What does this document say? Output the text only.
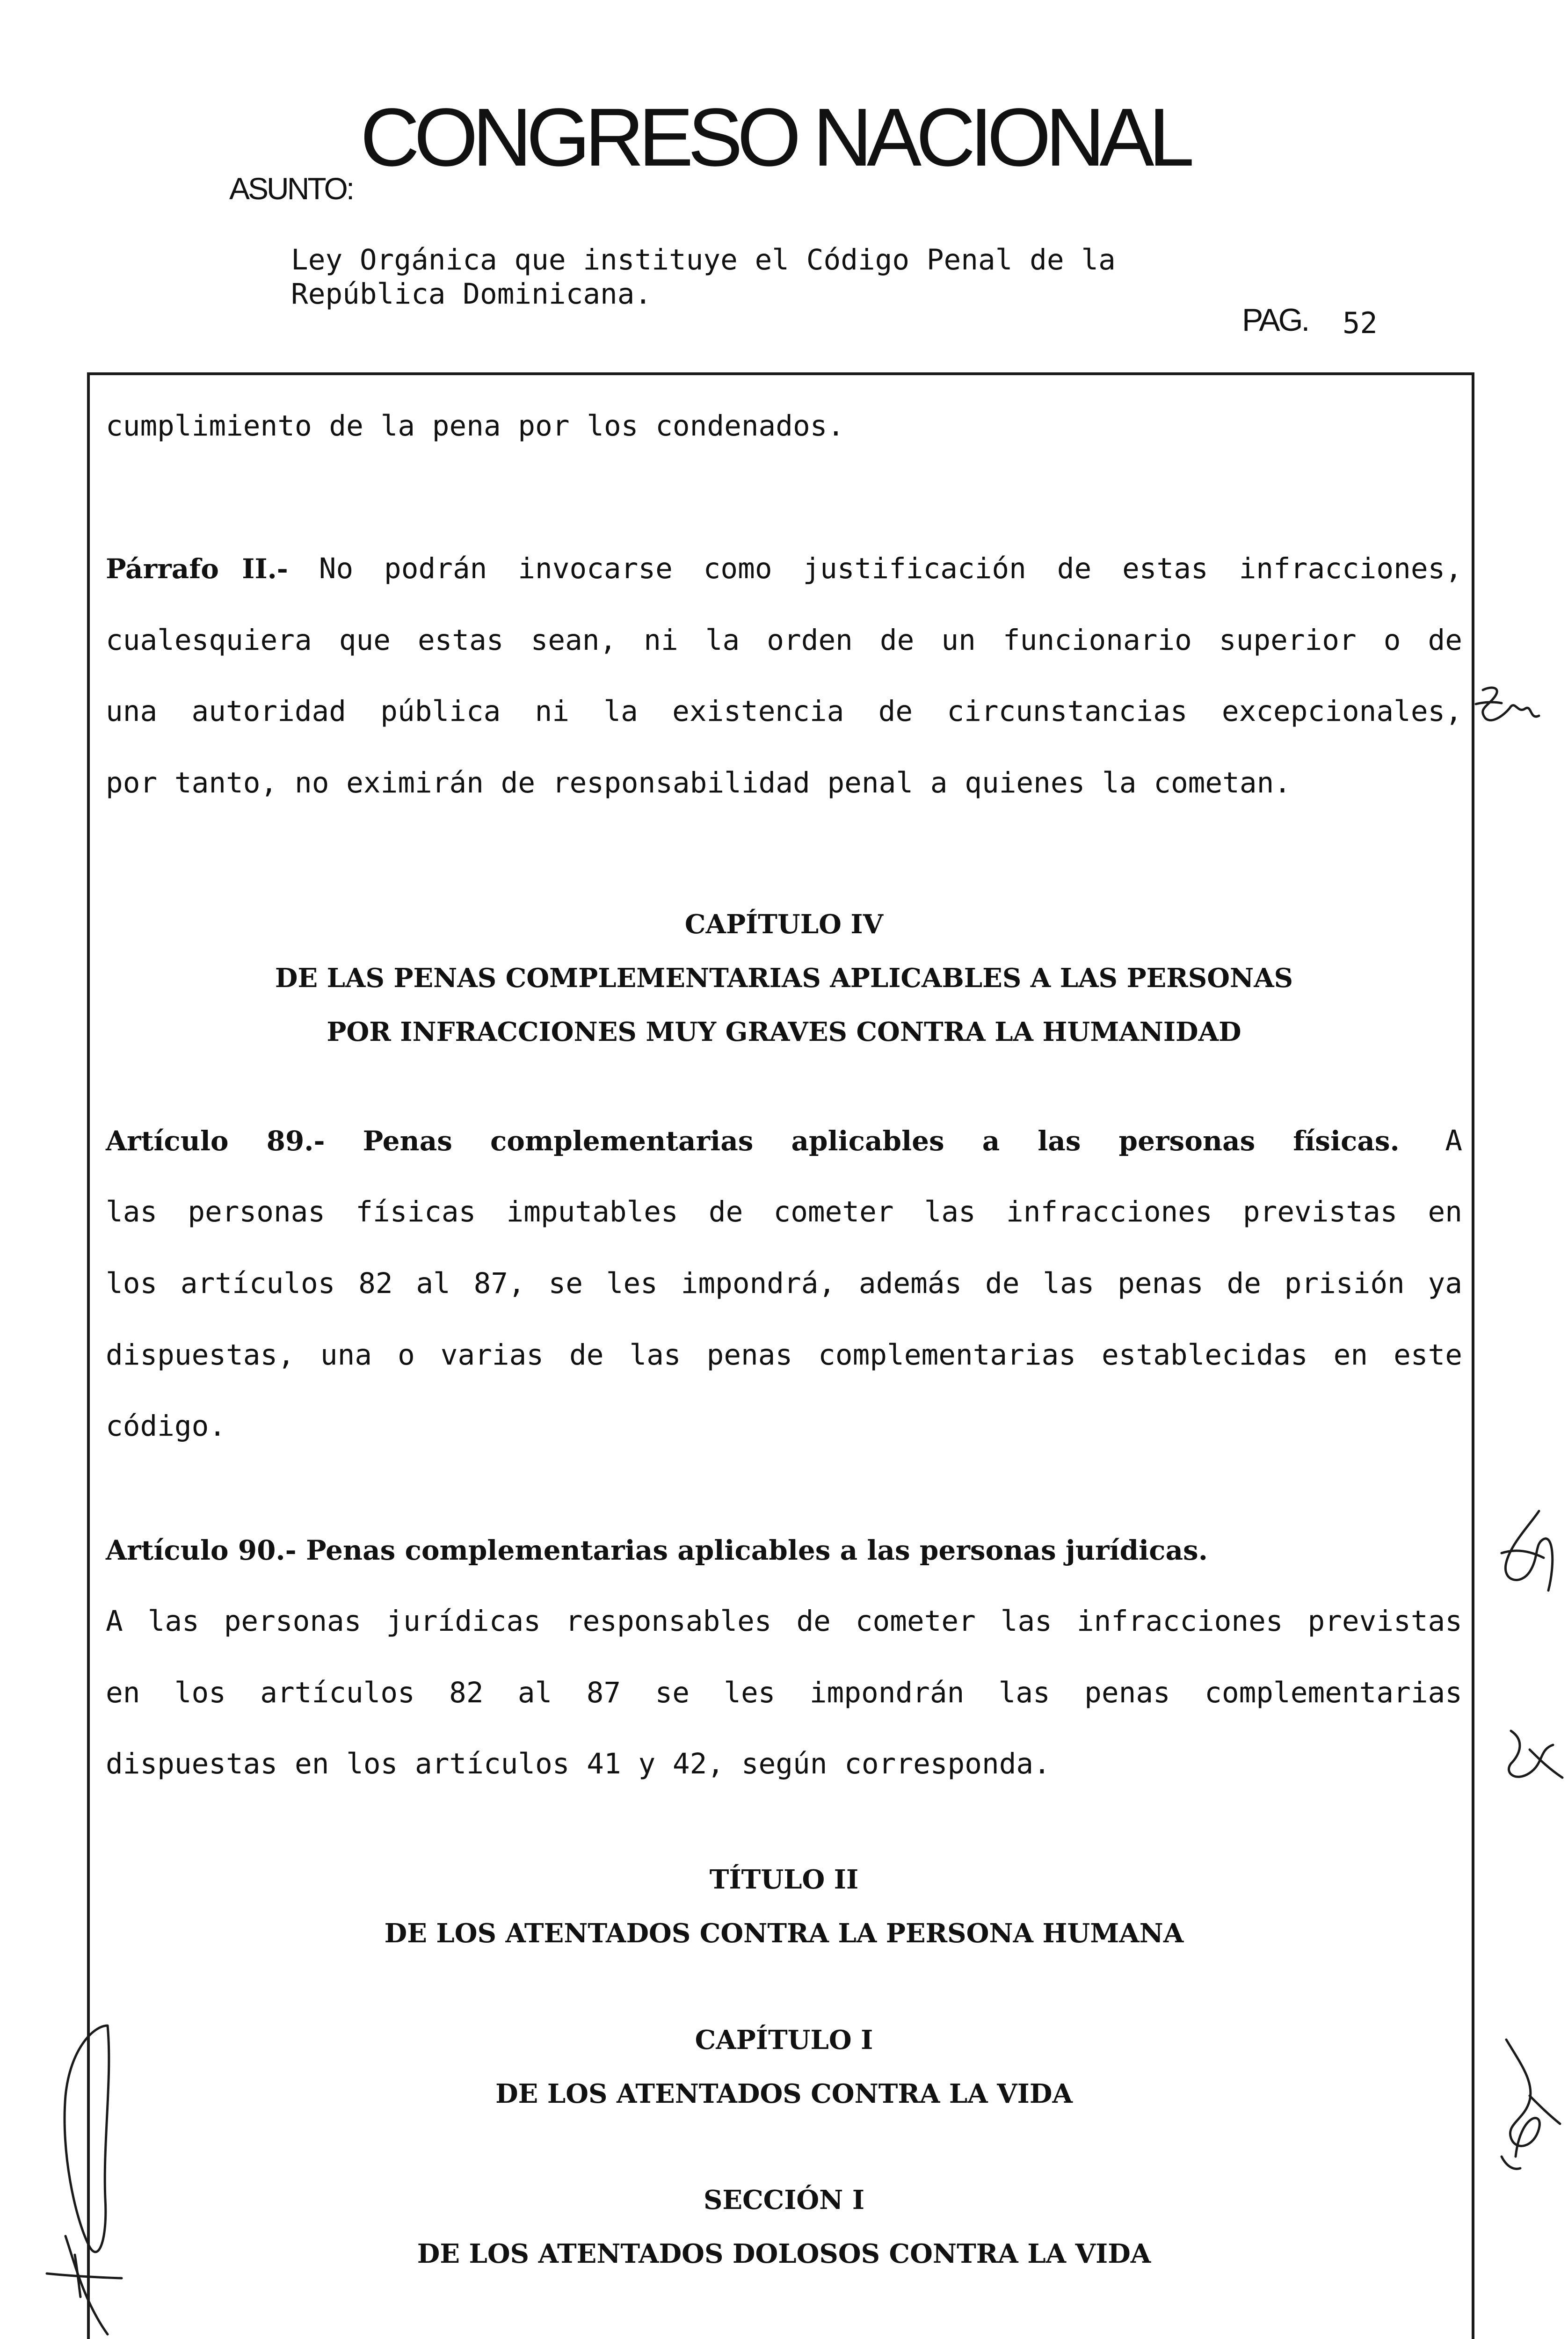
CONGRESO NACIONAL
ASUNTO:
Ley Orgánica que instituye el Código Penal de la
República Dominicana.
PAG. 52
cumplimiento de la pena por los condenados.
Párrafo II.- No podrán invocarse como justificación de estas infracciones,
cualesquiera que estas sean, ni la orden de un funcionario superior o de
una autoridad pública ni la existencia de circunstancias excepcionales,
por tanto, no eximirán de responsabilidad penal a quienes la cometan.
CAPÍTULO IV
DE LAS PENAS COMPLEMENTARIAS APLICABLES A LAS PERSONAS
POR INFRACCIONES MUY GRAVES CONTRA LA HUMANIDAD
Artículo 89.- Penas complementarias aplicables a las personas físicas. A
las personas físicas imputables de cometer las infracciones previstas en
los artículos 82 al 87, se les impondrá, además de las penas de prisión ya
dispuestas, una o varias de las penas complementarias establecidas en este
código.
Artículo 90.- Penas complementarias aplicables a las personas jurídicas.
A las personas jurídicas responsables de cometer las infracciones previstas
en los artículos 82 al 87 se les impondrán las penas complementarias
dispuestas en los artículos 41 y 42, según corresponda.
TÍTULO II
DE LOS ATENTADOS CONTRA LA PERSONA HUMANA
CAPÍTULO I
DE LOS ATENTADOS CONTRA LA VIDA
SECCIÓN I
DE LOS ATENTADOS DOLOSOS CONTRA LA VIDA
